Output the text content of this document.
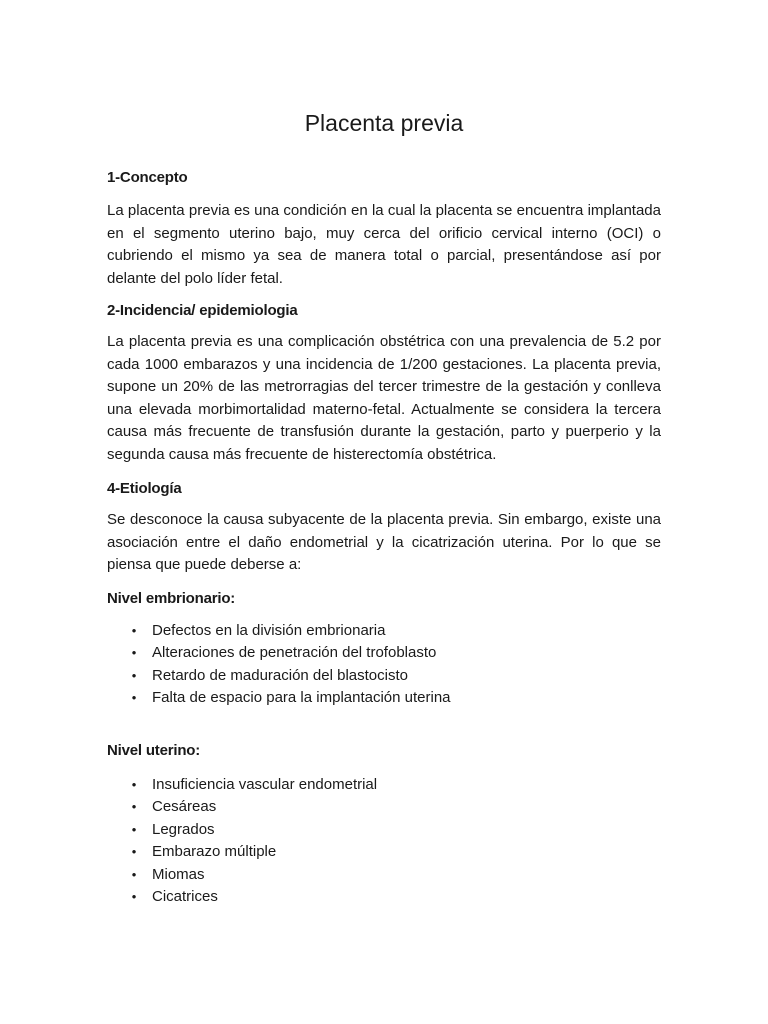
Placenta previa
1-Concepto

La placenta previa es una condición en la cual la placenta se encuentra implantada en el segmento uterino bajo, muy cerca del orificio cervical interno (OCI) o cubriendo el mismo ya sea de manera total o parcial, presentándose así por delante del polo líder fetal.

2-Incidencia/ epidemiologia

La placenta previa es una complicación obstétrica con una prevalencia de 5.2 por cada 1000 embarazos y una incidencia de 1/200 gestaciones. La placenta previa, supone un 20% de las metrorragias del tercer trimestre de la gestación y conlleva una elevada morbimortalidad materno-fetal. Actualmente se considera la tercera causa más frecuente de transfusión durante la gestación, parto y puerperio y la segunda causa más frecuente de histerectomía obstétrica.

4-Etiología

Se desconoce la causa subyacente de la placenta previa. Sin embargo, existe una asociación entre el daño endometrial y la cicatrización uterina. Por lo que se piensa que puede deberse a:

Nivel embrionario:
• Defectos en la división embrionaria
• Alteraciones de penetración del trofoblasto
• Retardo de maduración del blastocisto
• Falta de espacio para la implantación uterina
Nivel uterino:
• Insuficiencia vascular endometrial
• Cesáreas
• Legrados
• Embarazo múltiple
• Miomas
• Cicatrices
